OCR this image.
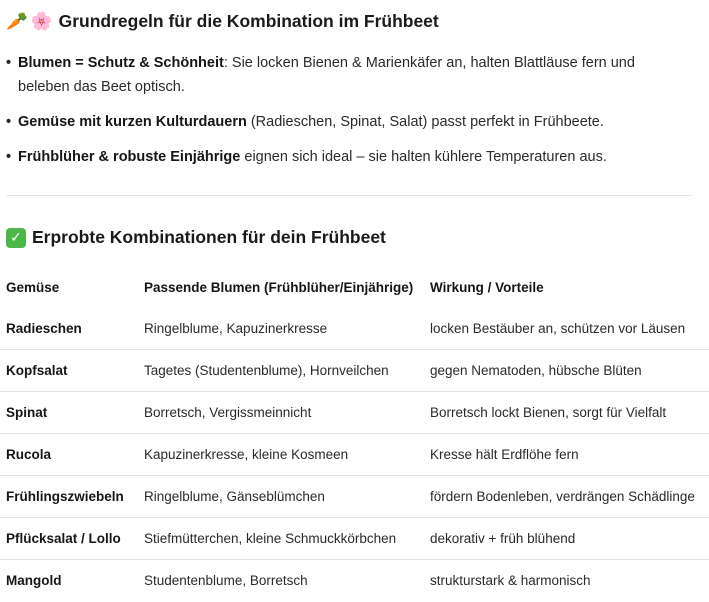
🥕 🌸 Grundregeln für die Kombination im Frühbeet
• Blumen = Schutz & Schönheit: Sie locken Bienen & Marienkäfer an, halten Blattläuse fern und beleben das Beet optisch.
• Gemüse mit kurzen Kulturdauern (Radieschen, Spinat, Salat) passt perfekt in Frühbeete.
• Frühblüher & robuste Einjährige eignen sich ideal – sie halten kühlere Temperaturen aus.
✓ Erprobte Kombinationen für dein Frühbeet
Gemüse	Passende Blumen (Frühblüher/Einjährige)	Wirkung / Vorteile
Radieschen	Ringelblume, Kapuzinerkresse	locken Bestäuber an, schützen vor Läusen
Kopfsalat	Tagetes (Studentenblume), Hornveilchen	gegen Nematoden, hübsche Blüten
Spinat	Borretsch, Vergissmeinnicht	Borretsch lockt Bienen, sorgt für Vielfalt
Rucola	Kapuzinerkresse, kleine Kosmeen	Kresse hält Erdflöhe fern
Frühlingszwiebeln	Ringelblume, Gänseblümchen	fördern Bodenleben, verdrängen Schädlinge
Pflücksalat / Lollo	Stiefmütterchen, kleine Schmuckkörbchen	dekorativ + früh blühend
Mangold	Studentenblume, Borretsch	strukturstark & harmonisch
